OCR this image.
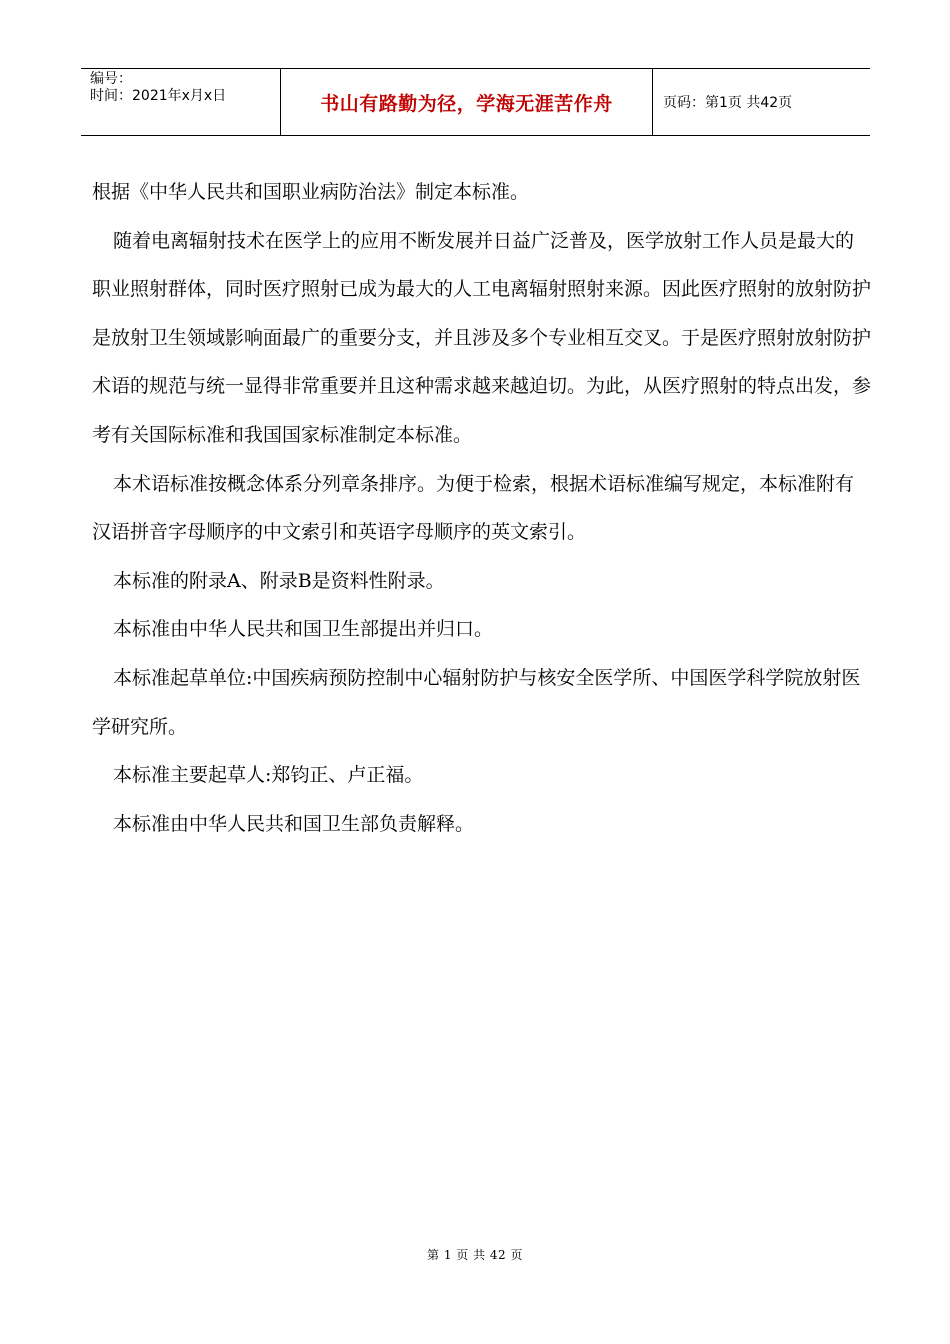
编号：
时间：2021年x月x日	书山有路勤为径，学海无涯苦作舟	页码：第1页 共42页

根据《中华人民共和国职业病防治法》制定本标准。

随着电离辐射技术在医学上的应用不断发展并日益广泛普及，医学放射工作人员是最大的职业照射群体，同时医疗照射已成为最大的人工电离辐射照射来源。因此医疗照射的放射防护是放射卫生领域影响面最广的重要分支，并且涉及多个专业相互交叉。于是医疗照射放射防护术语的规范与统一显得非常重要并且这种需求越来越迫切。为此，从医疗照射的特点出发，参考有关国际标准和我国国家标准制定本标准。

本术语标准按概念体系分列章条排序。为便于检索，根据术语标准编写规定，本标准附有汉语拼音字母顺序的中文索引和英语字母顺序的英文索引。

本标准的附录A、附录B是资料性附录。

本标准由中华人民共和国卫生部提出并归口。

本标准起草单位:中国疾病预防控制中心辐射防护与核安全医学所、中国医学科学院放射医学研究所。

本标准主要起草人:郑钧正、卢正福。

本标准由中华人民共和国卫生部负责解释。

第 1 页 共 42 页
